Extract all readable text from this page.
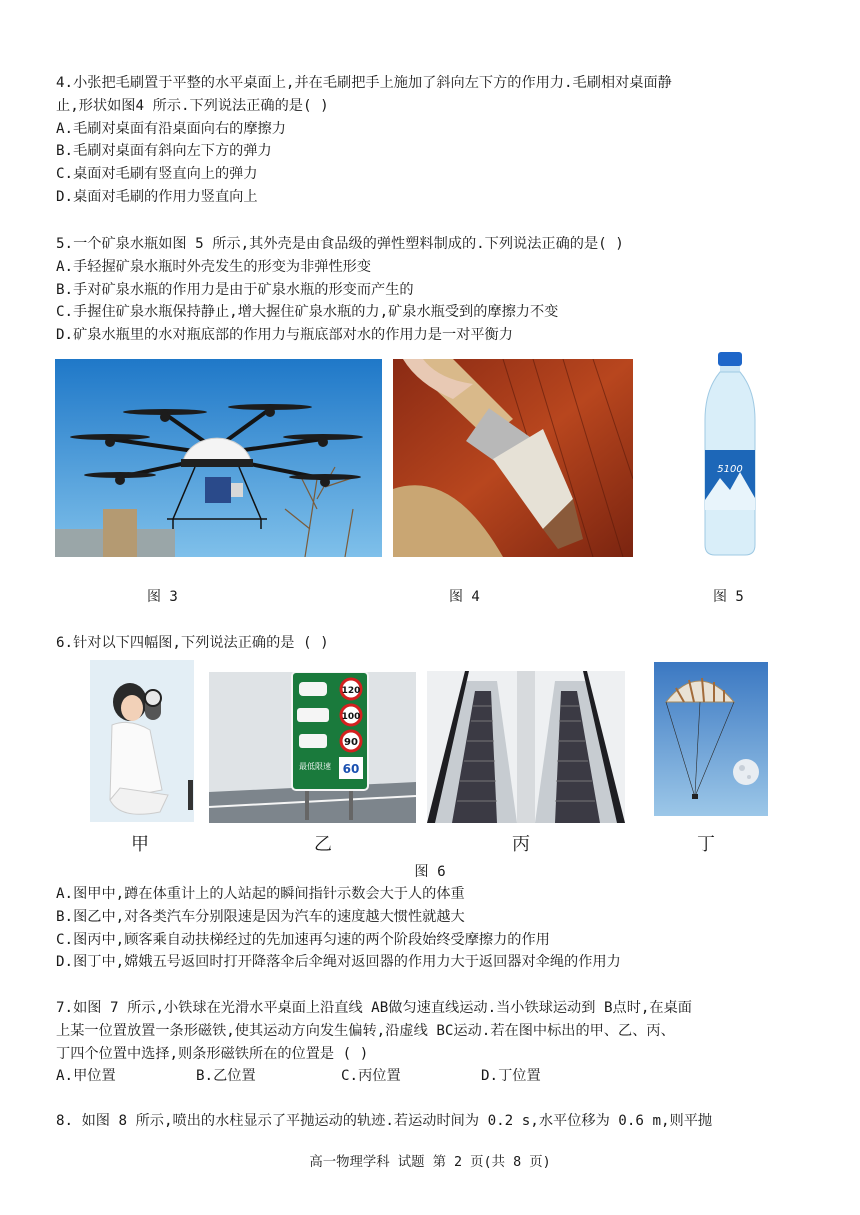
4.小张把毛刷置于平整的水平桌面上,并在毛刷把手上施加了斜向左下方的作用力.毛刷相对桌面静
止,形状如图4 所示.下列说法正确的是( )
A.毛刷对桌面有沿桌面向右的摩擦力
B.毛刷对桌面有斜向左下方的弹力
C.桌面对毛刷有竖直向上的弹力
D.桌面对毛刷的作用力竖直向上
5.一个矿泉水瓶如图 5 所示,其外壳是由食品级的弹性塑料制成的.下列说法正确的是( )
A.手轻握矿泉水瓶时外壳发生的形变为非弹性形变
B.手对矿泉水瓶的作用力是由于矿泉水瓶的形变而产生的
C.手握住矿泉水瓶保持静止,增大握住矿泉水瓶的力,矿泉水瓶受到的摩擦力不变
D.矿泉水瓶里的水对瓶底部的作用力与瓶底部对水的作用力是一对平衡力
5100
图 3	图 4	图 5
6.针对以下四幅图,下列说法正确的是 ( )
120
100
90
60
最低限速
甲	乙	丙	丁
图 6
A.图甲中,蹲在体重计上的人站起的瞬间指针示数会大于人的体重
B.图乙中,对各类汽车分别限速是因为汽车的速度越大惯性就越大
C.图丙中,顾客乘自动扶梯经过的先加速再匀速的两个阶段始终受摩擦力的作用
D.图丁中,嫦娥五号返回时打开降落伞后伞绳对返回器的作用力大于返回器对伞绳的作用力
7.如图 7 所示,小铁球在光滑水平桌面上沿直线 AB做匀速直线运动.当小铁球运动到 B点时,在桌面
上某一位置放置一条形磁铁,使其运动方向发生偏转,沿虚线 BC运动.若在图中标出的甲、乙、丙、
丁四个位置中选择,则条形磁铁所在的位置是 ( )
A.甲位置	B.乙位置	C.丙位置	D.丁位置
8. 如图 8 所示,喷出的水柱显示了平抛运动的轨迹.若运动时间为 0.2 s,水平位移为 0.6 m,则平抛
高一物理学科 试题 第 2 页(共 8 页)
